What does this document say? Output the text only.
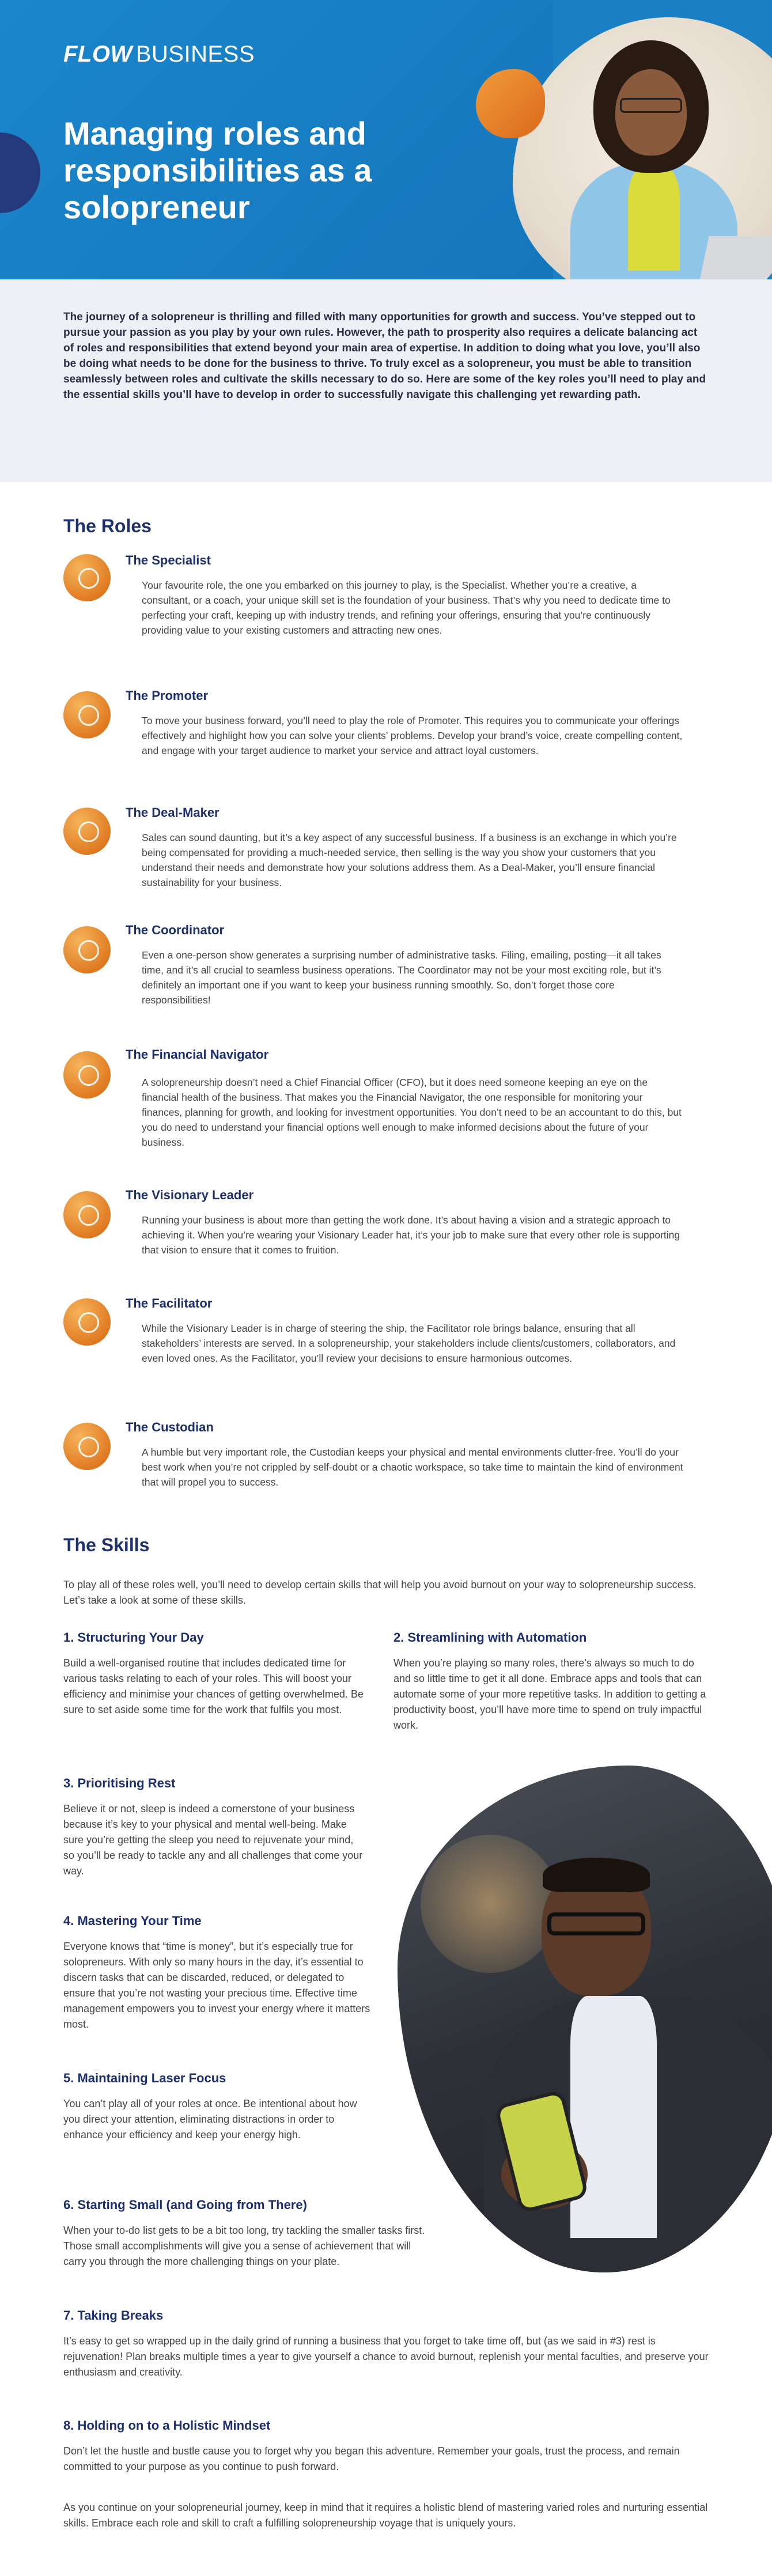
FLOW BUSINESS
Managing roles and responsibilities as a solopreneur

The journey of a solopreneur is thrilling and filled with many opportunities for growth and success. You’ve stepped out to pursue your passion as you play by your own rules. However, the path to prosperity also requires a delicate balancing act of roles and responsibilities that extend beyond your main area of expertise. In addition to doing what you love, you’ll also be doing what needs to be done for the business to thrive. To truly excel as a solopreneur, you must be able to transition seamlessly between roles and cultivate the skills necessary to do so. Here are some of the key roles you’ll need to play and the essential skills you’ll have to develop in order to successfully navigate this challenging yet rewarding path.

The Roles
The Specialist
Your favourite role, the one you embarked on this journey to play, is the Specialist. Whether you’re a creative, a consultant, or a coach, your unique skill set is the foundation of your business. That’s why you need to dedicate time to perfecting your craft, keeping up with industry trends, and refining your offerings, ensuring that you’re continuously providing value to your existing customers and attracting new ones.
The Promoter
To move your business forward, you’ll need to play the role of Promoter. This requires you to communicate your offerings effectively and highlight how you can solve your clients’ problems. Develop your brand’s voice, create compelling content, and engage with your target audience to market your service and attract loyal customers.
The Deal-Maker
Sales can sound daunting, but it’s a key aspect of any successful business. If a business is an exchange in which you’re being compensated for providing a much-needed service, then selling is the way you show your customers that you understand their needs and demonstrate how your solutions address them. As a Deal-Maker, you’ll ensure financial sustainability for your business.
The Coordinator
Even a one-person show generates a surprising number of administrative tasks. Filing, emailing, posting—it all takes time, and it’s all crucial to seamless business operations. The Coordinator may not be your most exciting role, but it’s definitely an important one if you want to keep your business running smoothly. So, don’t forget those core responsibilities!
The Financial Navigator
A solopreneurship doesn’t need a Chief Financial Officer (CFO), but it does need someone keeping an eye on the financial health of the business. That makes you the Financial Navigator, the one responsible for monitoring your finances, planning for growth, and looking for investment opportunities. You don’t need to be an accountant to do this, but you do need to understand your financial options well enough to make informed decisions about the future of your business.
The Visionary Leader
Running your business is about more than getting the work done. It’s about having a vision and a strategic approach to achieving it. When you’re wearing your Visionary Leader hat, it’s your job to make sure that every other role is supporting that vision to ensure that it comes to fruition.
The Facilitator
While the Visionary Leader is in charge of steering the ship, the Facilitator role brings balance, ensuring that all stakeholders’ interests are served. In a solopreneurship, your stakeholders include clients/customers, collaborators, and even loved ones. As the Facilitator, you’ll review your decisions to ensure harmonious outcomes.
The Custodian
A humble but very important role, the Custodian keeps your physical and mental environments clutter-free. You’ll do your best work when you’re not crippled by self-doubt or a chaotic workspace, so take time to maintain the kind of environment that will propel you to success.
The Skills

To play all of these roles well, you’ll need to develop certain skills that will help you avoid burnout on your way to solopreneurship success. Let’s take a look at some of these skills.

1. Structuring Your Day

Build a well-organised routine that includes dedicated time for various tasks relating to each of your roles. This will boost your efficiency and minimise your chances of getting overwhelmed. Be sure to set aside some time for the work that fulfils you most.

2. Streamlining with Automation

When you’re playing so many roles, there’s always so much to do and so little time to get it all done. Embrace apps and tools that can automate some of your more repetitive tasks. In addition to getting a productivity boost, you’ll have more time to spend on truly impactful work.

3. Prioritising Rest

Believe it or not, sleep is indeed a cornerstone of your business because it’s key to your physical and mental well-being. Make sure you’re getting the sleep you need to rejuvenate your mind, so you’ll be ready to tackle any and all challenges that come your way.

4. Mastering Your Time

Everyone knows that “time is money”, but it’s especially true for solopreneurs. With only so many hours in the day, it’s essential to discern tasks that can be discarded, reduced, or delegated to ensure that you’re not wasting your precious time. Effective time management empowers you to invest your energy where it matters most.

5. Maintaining Laser Focus

You can’t play all of your roles at once. Be intentional about how you direct your attention, eliminating distractions in order to enhance your efficiency and keep your energy high.

6. Starting Small (and Going from There)

When your to-do list gets to be a bit too long, try tackling the smaller tasks first. Those small accomplishments will give you a sense of achievement that will carry you through the more challenging things on your plate.

7. Taking Breaks

It’s easy to get so wrapped up in the daily grind of running a business that you forget to take time off, but (as we said in #3) rest is rejuvenation! Plan breaks multiple times a year to give yourself a chance to avoid burnout, replenish your mental faculties, and preserve your enthusiasm and creativity.

8. Holding on to a Holistic Mindset

Don’t let the hustle and bustle cause you to forget why you began this adventure. Remember your goals, trust the process, and remain committed to your purpose as you continue to push forward.

As you continue on your solopreneurial journey, keep in mind that it requires a holistic blend of mastering varied roles and nurturing essential skills. Embrace each role and skill to craft a fulfilling solopreneurship voyage that is uniquely yours.
